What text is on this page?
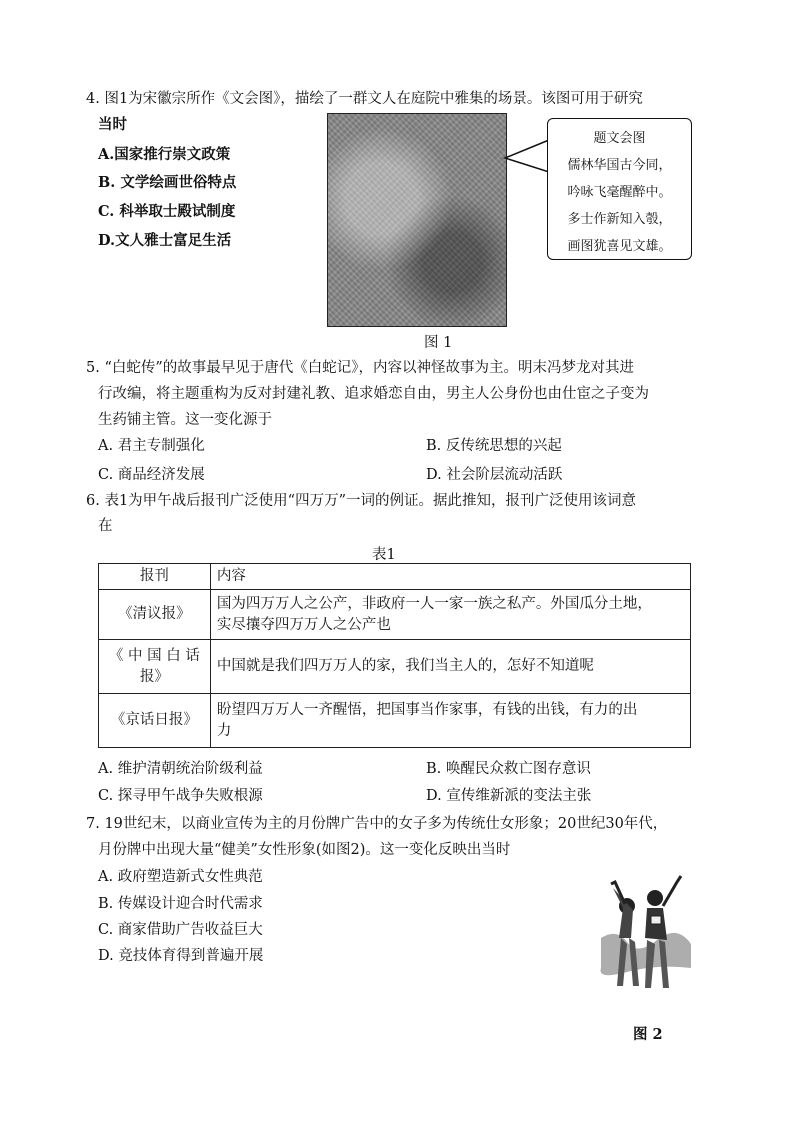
4. 图1为宋徽宗所作《文会图》，描绘了一群文人在庭院中雅集的场景。该图可用于研究
当时
A.国家推行崇文政策
B. 文学绘画世俗特点
C. 科举取士殿试制度
D.文人雅士富足生活
题文会图
儒林华国古今同，
吟咏飞毫醒醉中。
多士作新知入彀，
画图犹喜见文雄。
图 1
5. “白蛇传”的故事最早见于唐代《白蛇记》，内容以神怪故事为主。明末冯梦龙对其进
行改编，将主题重构为反对封建礼教、追求婚恋自由，男主人公身份也由仕宦之子变为
生药铺主管。这一变化源于
A. 君主专制强化	B. 反传统思想的兴起
C. 商品经济发展	D. 社会阶层流动活跃
6. 表1为甲午战后报刊广泛使用“四万万”一词的例证。据此推知，报刊广泛使用该词意
在
表1
报刊	内容
《清议报》	国为四万万人之公产，非政府一人一家一族之私产。外国瓜分土地，
实尽攘夺四万万人之公产也

《 中 国 白 话
报》	中国就是我们四万万人的家，我们当主人的，怎好不知道呢

《京话日报》	盼望四万万人一齐醒悟，把国事当作家事，有钱的出钱，有力的出
力
A. 维护清朝统治阶级利益	B. 唤醒民众救亡图存意识
C. 探寻甲午战争失败根源	D. 宣传维新派的变法主张
7. 19世纪末，以商业宣传为主的月份牌广告中的女子多为传统仕女形象；20世纪30年代，
月份牌中出现大量“健美”女性形象(如图2)。这一变化反映出当时
A. 政府塑造新式女性典范
B. 传媒设计迎合时代需求
C. 商家借助广告收益巨大
D. 竞技体育得到普遍开展
图 2
